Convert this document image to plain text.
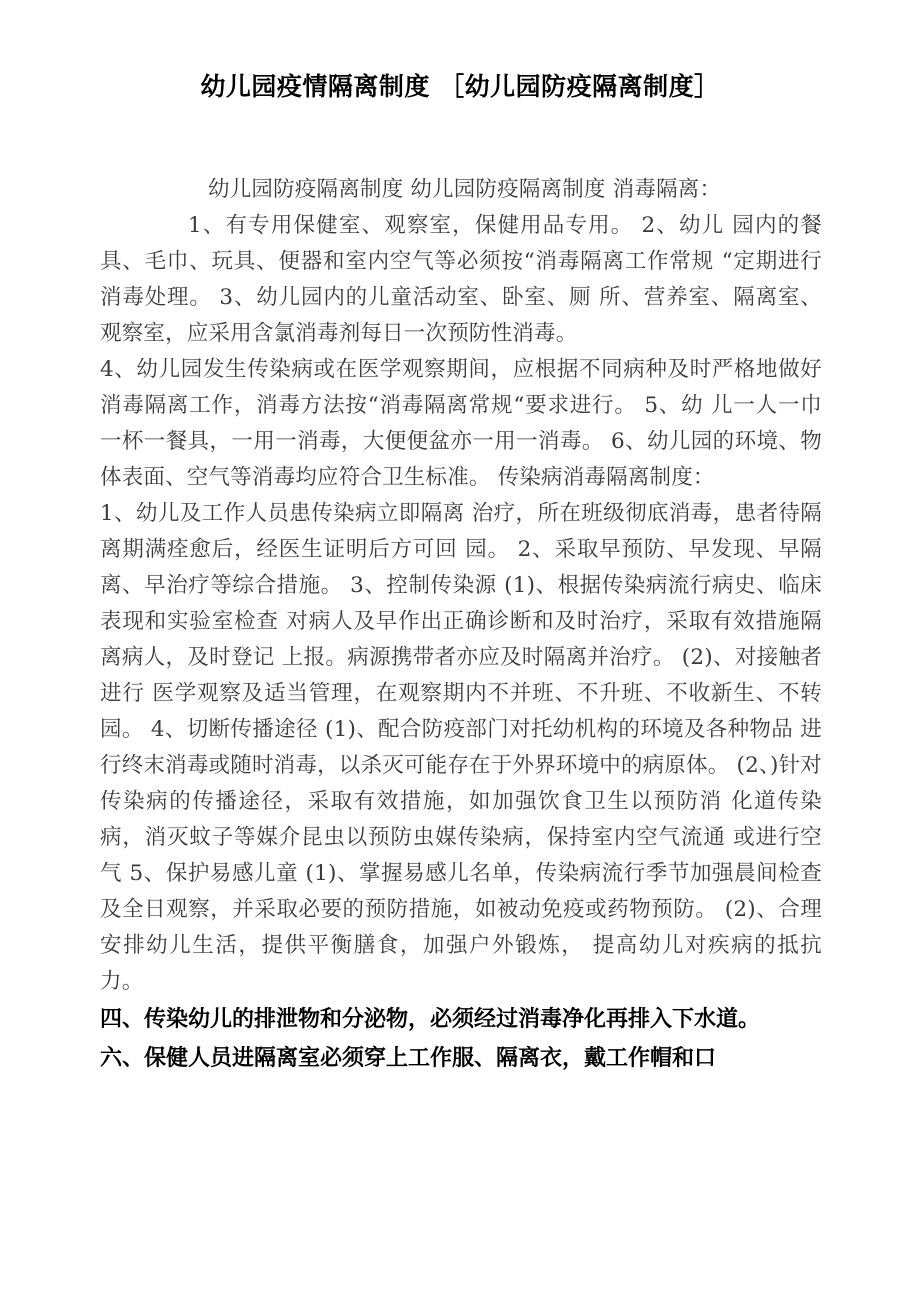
幼儿园疫情隔离制度 ［幼儿园防疫隔离制度］

幼儿园防疫隔离制度 幼儿园防疫隔离制度 消毒隔离：

1、有专用保健室、观察室，保健用品专用。 2、幼儿 园内的餐具、毛巾、玩具、便器和室内空气等必须按“消毒隔离工作常规 “定期进行消毒处理。 3、幼儿园内的儿童活动室、卧室、厕 所、营养室、隔离室、观察室，应采用含氯消毒剂每日一次预防性消毒。

4、幼儿园发生传染病或在医学观察期间，应根据不同病种及时严格地做好消毒隔离工作，消毒方法按“消毒隔离常规“要求进行。 5、幼 儿一人一巾一杯一餐具，一用一消毒，大便便盆亦一用一消毒。 6、幼儿园的环境、物体表面、空气等消毒均应符合卫生标准。 传染病消毒隔离制度：

1、幼儿及工作人员患传染病立即隔离 治疗，所在班级彻底消毒，患者待隔离期满痊愈后，经医生证明后方可回 园。 2、采取早预防、早发现、早隔离、早治疗等综合措施。 3、控制传染源 (1)、根据传染病流行病史、临床表现和实验室检查 对病人及早作出正确诊断和及时治疗，采取有效措施隔离病人，及时登记 上报。病源携带者亦应及时隔离并治疗。 (2)、对接触者进行 医学观察及适当管理，在观察期内不并班、不升班、不收新生、不转园。 4、切断传播途径 (1)、配合防疫部门对托幼机构的环境及各种物品 进行终末消毒或随时消毒，以杀灭可能存在于外界环境中的病原体。 (2、)针对传染病的传播途径，采取有效措施，如加强饮食卫生以预防消 化道传染病，消灭蚊子等媒介昆虫以预防虫媒传染病，保持室内空气流通 或进行空气 5、保护易感儿童 (1)、掌握易感儿名单，传染病流行季节加强晨间检查及全日观察，并采取必要的预防措施，如被动免疫或药物预防。 (2)、合理安排幼儿生活，提供平衡膳食，加强户外锻炼， 提高幼儿对疾病的抵抗力。

四、传染幼儿的排泄物和分泌物，必须经过消毒净化再排入下水道。

六、保健人员进隔离室必须穿上工作服、隔离衣，戴工作帽和口
